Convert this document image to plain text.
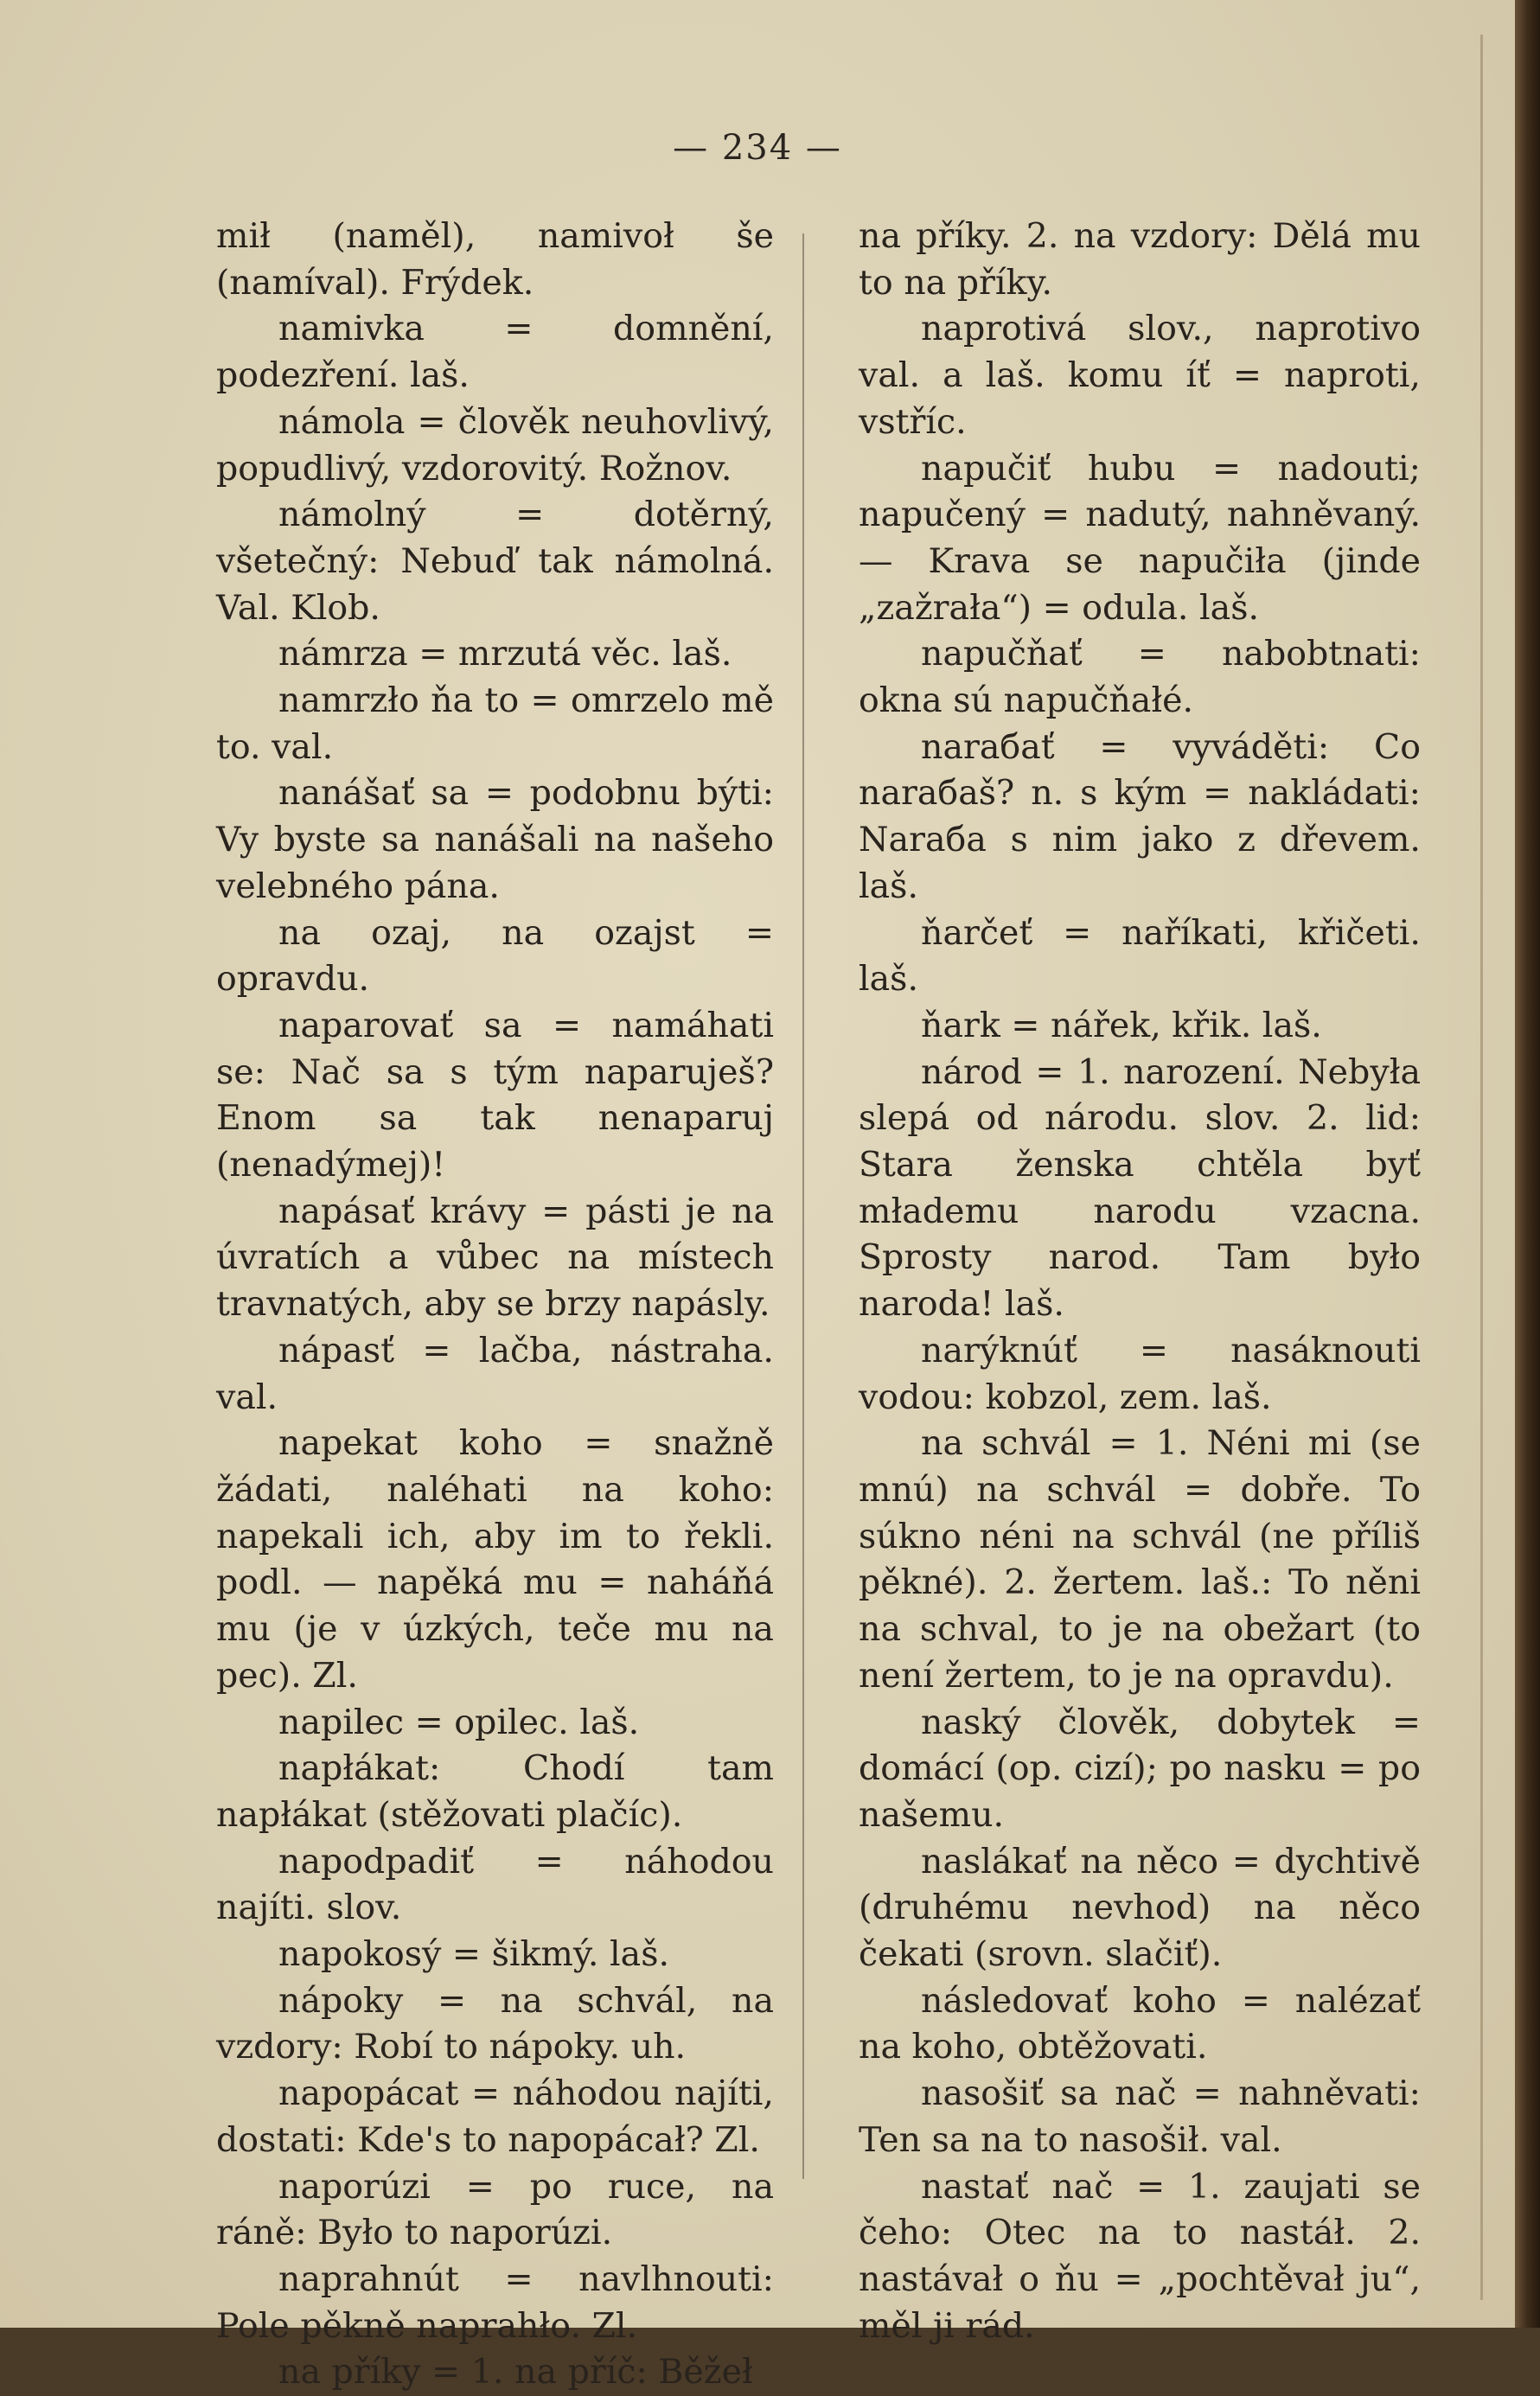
— 234 —

mił (naměl), namivoł še (namíval). Frýdek.

namivka = domnění, podezření. laš.

námola = člověk neuhovlivý, popudlivý, vzdorovitý. Rožnov.

námolný = dotěrný, všetečný: Nebuď tak námolná. Val. Klob.

námrza = mrzutá věc. laš.

namrzło ňa to = omrzelo mě to. val.

nanášať sa = podobnu býti: Vy byste sa nanášali na našeho velebného pána.

na ozaj, na ozajst = opravdu.

naparovať sa = namáhati se: Nač sa s tým naparuješ? Enom sa tak nenaparuj (nenadýmej)!

napásať krávy = pásti je na úvratích a vůbec na místech travnatých, aby se brzy napásly.

nápasť = lačba, nástraha. val.

napekat koho = snažně žádati, naléhati na koho: napekali ich, aby im to řekli. podl. — napěká mu = naháňá mu (je v úzkých, teče mu na pec). Zl.

napilec = opilec. laš.

napłákat: Chodí tam napłákat (stěžovati plačíc).

napodpadiť = náhodou najíti. slov.

napokosý = šikmý. laš.

nápoky = na schvál, na vzdory: Robí to nápoky. uh.

napopácat = náhodou najíti, dostati: Kde's to napopácał? Zl.

naporúzi = po ruce, na ráně: Było to naporúzi.

naprahnút = navlhnouti: Pole pěkně naprahło. Zl.

na příky = 1. na příč: Běžeł

na příky. 2. na vzdory: Dělá mu to na příky.

naprotivá slov., naprotivo val. a laš. komu íť = naproti, vstříc.

napučiť hubu = nadouti; napučený = nadutý, nahněvaný. — Krava se napučiła (jinde „zažrała“) = odula. laš.

napučňať = nabobtnati: okna sú napučňałé.

naraбať = vyváděti: Co naraбaš? n. s kým = nakládati: Naraбa s nim jako z dřevem. laš.

ňarčeť = naříkati, křičeti. laš.

ňark = nářek, křik. laš.

národ = 1. narození. Nebyła slepá od národu. slov. 2. lid: Stara ženska chtěla byť młademu narodu vzacna. Sprosty narod. Tam było naroda! laš.

narýknúť = nasáknouti vodou: kobzol, zem. laš.

na schvál = 1. Néni mi (se mnú) na schvál = dobře. To súkno néni na schvál (ne příliš pěkné). 2. žertem. laš.: To něni na schval, to je na obežart (to není žertem, to je na opravdu).

naský člověk, dobytek = domácí (op. cizí); po nasku = po našemu.

naslákať na něco = dychtivě (druhému nevhod) na něco čekati (srovn. slačiť).

následovať koho = nalézať na koho, obtěžovati.

nasošiť sa nač = nahněvati: Ten sa na to nasošił. val.

nastať nač = 1. zaujati se čeho: Otec na to nastáł. 2. nastávał o ňu = „pochtěvał ju“, měl ji rád.
